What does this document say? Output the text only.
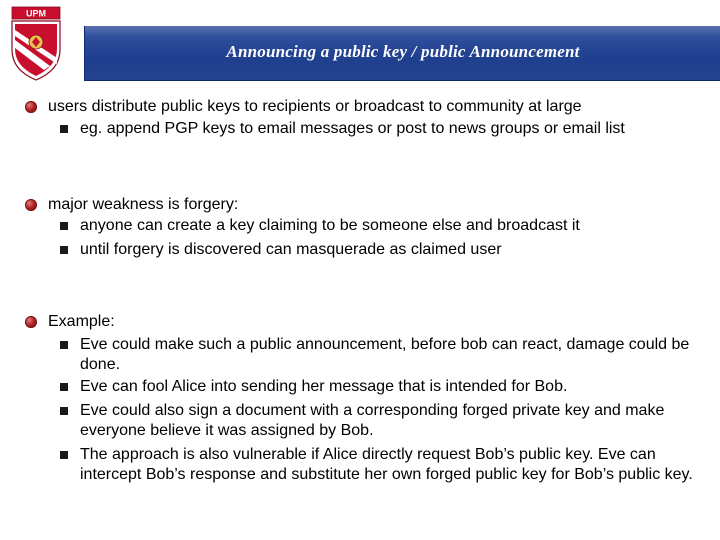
UPM
Announcing a public key / public Announcement
users distribute public keys to recipients or broadcast to community at large
eg. append PGP keys to email messages or post to news groups or email list
major weakness is forgery:
anyone can create a key claiming to be someone else and broadcast it
until forgery is discovered can masquerade as claimed user
Example:
Eve could make such a public announcement, before bob can react, damage could be done.
Eve can fool Alice into sending her message that is intended for Bob.
Eve could also sign a document with a corresponding forged private key and make everyone believe it was assigned by Bob.
The approach is also vulnerable if Alice directly request Bob’s public key. Eve can intercept Bob’s response and substitute her own forged public key for Bob’s public key.
